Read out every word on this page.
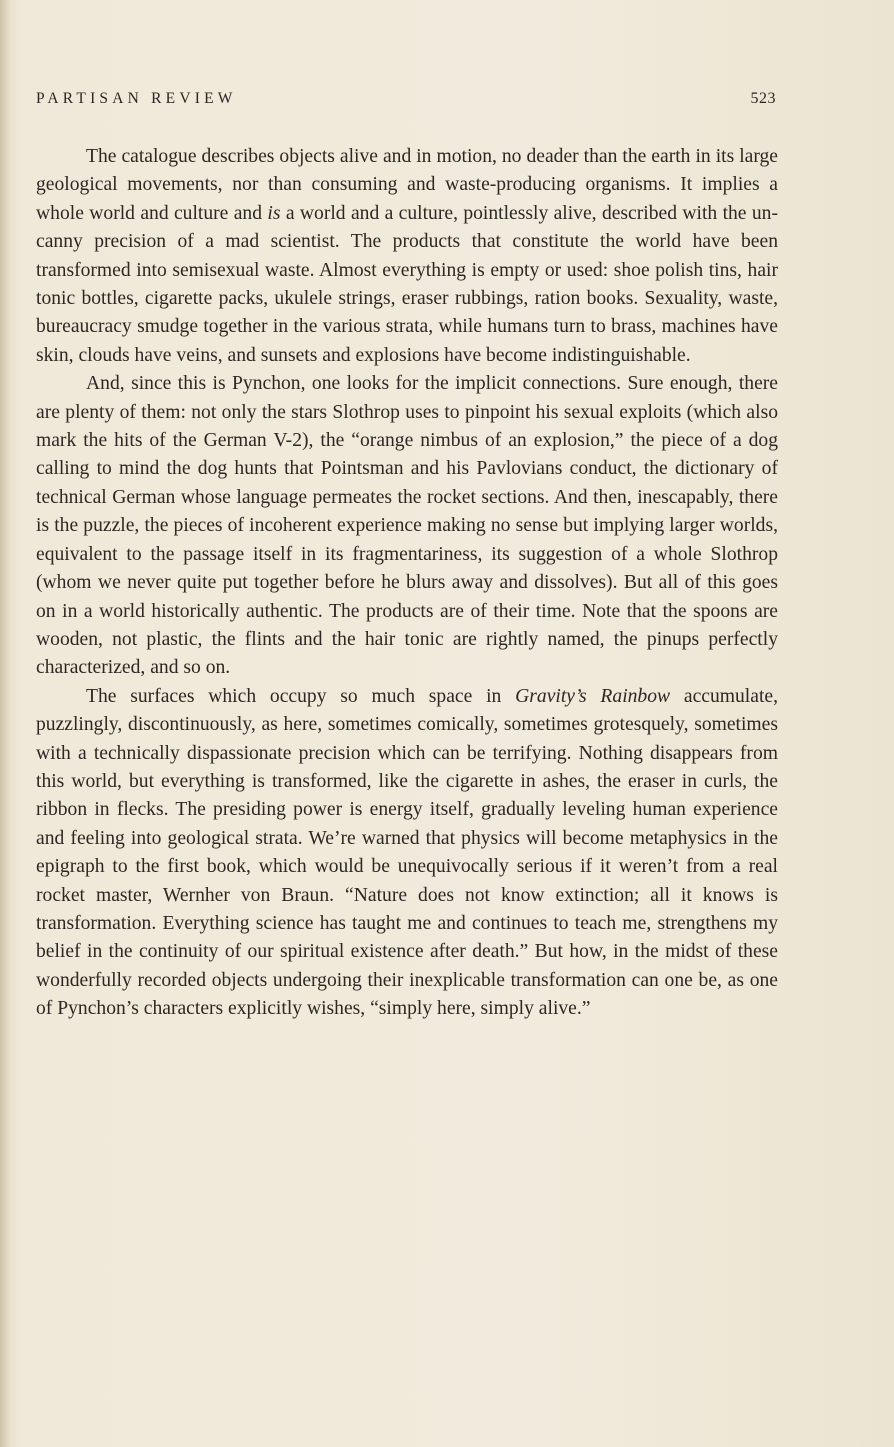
PARTISAN REVIEW	523

The catalogue describes objects alive and in motion, no deader than the earth in its large geological movements, nor than consuming and waste-producing organisms. It implies a whole world and culture and is a world and a culture, pointlessly alive, described with the uncanny precision of a mad scientist. The products that constitute the world have been transformed into semisexual waste. Almost everything is empty or used: shoe polish tins, hair tonic bottles, cigarette packs, ukulele strings, eraser rubbings, ration books. Sexuality, waste, bureaucracy smudge together in the various strata, while humans turn to brass, machines have skin, clouds have veins, and sunsets and explosions have become indistinguishable.

And, since this is Pynchon, one looks for the implicit connections. Sure enough, there are plenty of them: not only the stars Slothrop uses to pinpoint his sexual exploits (which also mark the hits of the German V-2), the “orange nimbus of an explosion,” the piece of a dog calling to mind the dog hunts that Pointsman and his Pavlovians conduct, the dictionary of technical German whose language permeates the rocket sections. And then, inescapably, there is the puzzle, the pieces of incoherent experience making no sense but implying larger worlds, equivalent to the passage itself in its fragmentariness, its suggestion of a whole Slothrop (whom we never quite put together before he blurs away and dissolves). But all of this goes on in a world historically authentic. The products are of their time. Note that the spoons are wooden, not plastic, the flints and the hair tonic are rightly named, the pinups perfectly characterized, and so on.

The surfaces which occupy so much space in Gravity’s Rainbow accumulate, puzzlingly, discontinuously, as here, sometimes comically, sometimes grotesquely, sometimes with a technically dispassionate precision which can be terrifying. Nothing disappears from this world, but everything is transformed, like the cigarette in ashes, the eraser in curls, the ribbon in flecks. The presiding power is energy itself, gradually leveling human experience and feeling into geological strata. We’re warned that physics will become metaphysics in the epigraph to the first book, which would be unequivocally serious if it weren’t from a real rocket master, Wernher von Braun. “Nature does not know extinction; all it knows is transformation. Everything science has taught me and continues to teach me, strengthens my belief in the continuity of our spiritual existence after death.” But how, in the midst of these wonderfully recorded objects undergoing their inexplicable transformation can one be, as one of Pynchon’s characters explicitly wishes, “simply here, simply alive.”
